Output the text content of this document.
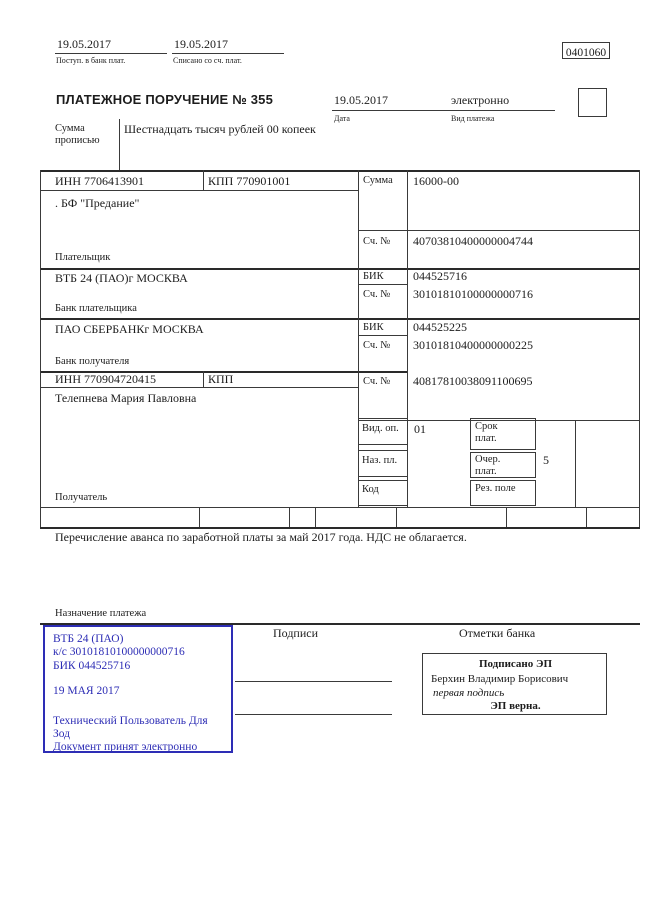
19.05.2017
Поступ. в банк плат.
19.05.2017
Списано со сч. плат.
0401060
ПЛАТЕЖНОЕ ПОРУЧЕНИЕ № 355	19.05.2017
Дата
электронно
Вид платежа
Сумма прописью
Шестнадцать тысяч рублей 00 копеек
ИНН 7706413901	КПП 770901001
. БФ "Предание"
Плательщик
Сумма 16000-00
Сч. № 40703810400000004744
ВТБ 24 (ПАО)г МОСКВА	БИК 044525716
Сч. № 30101810100000000716
Банк плательщика
ПАО СБЕРБАНКг МОСКВА	БИК 044525225
Сч. № 30101810400000000225
Банк получателя
ИНН 770904720415	КПП	Сч. № 40817810038091100695
Телепнева Мария Павловна
Получатель
Вид. оп. 01
Наз. пл.
Код
Срок плат.
Очер. плат.
5
Рез. поле
Перечисление аванса по заработной платы за май 2017 года. НДС не облагается.
Назначение платежа
ВТБ 24 (ПАО)
к/с 30101810100000000716
БИК 044525716
19 МАЯ 2017
Технический Пользователь Для
Зод
Документ принят электронно
Подписи	Отметки банка
Подписано ЭП
Берхин Владимир Борисович
первая подпись
ЭП верна.
